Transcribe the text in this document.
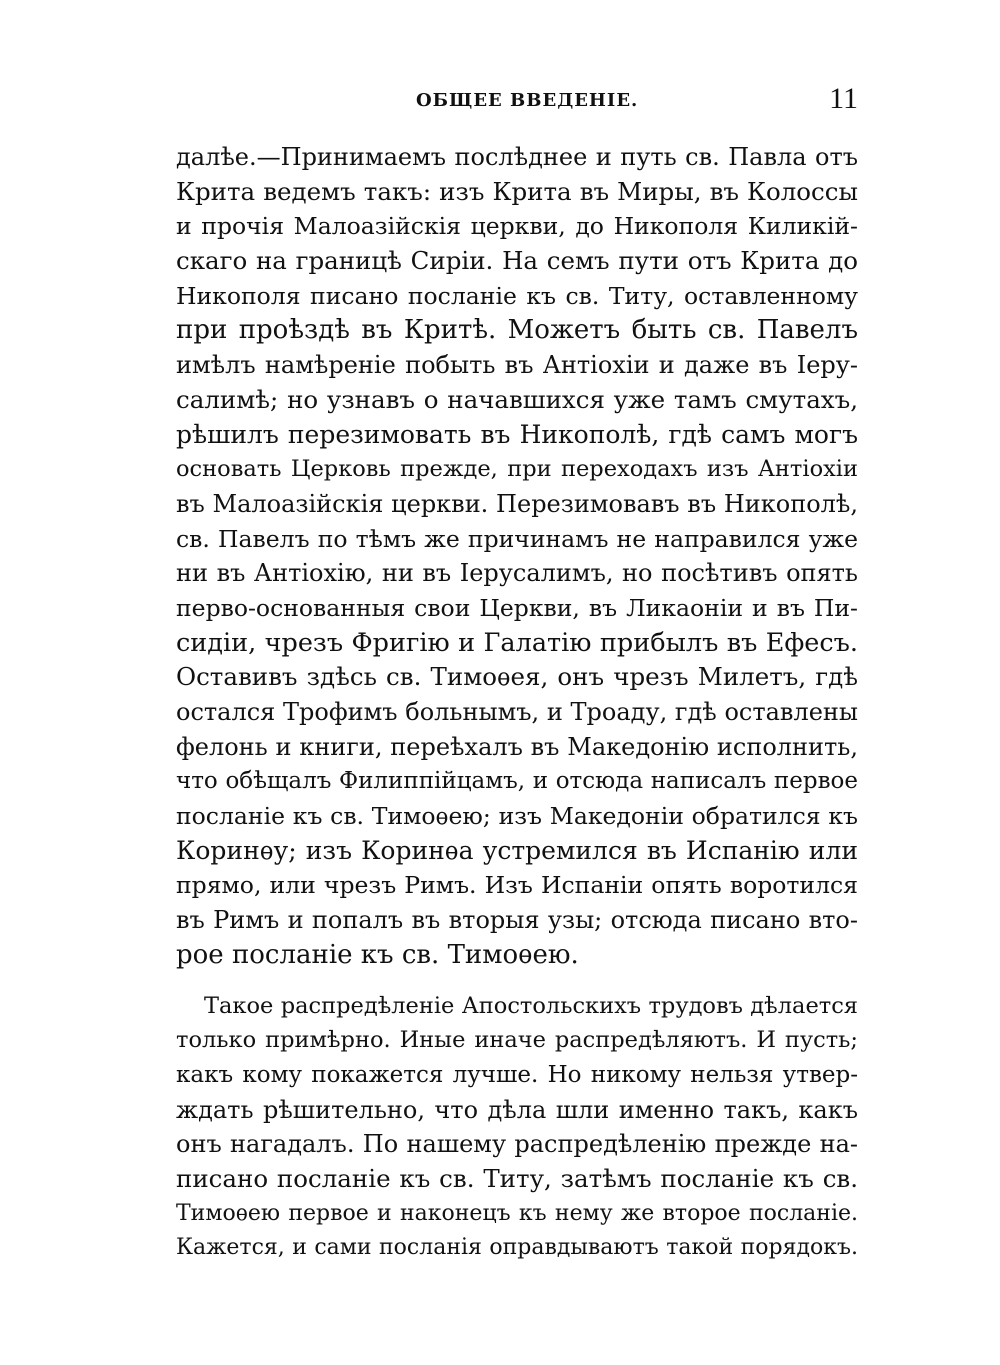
ОБЩЕЕ ВВЕДЕНІЕ.	11
далѣе.—Принимаемъ послѣднее и путь св. Павла отъ
Крита ведемъ такъ: изъ Крита въ Миры, въ Колоссы
и прочія Малоазійскія церкви, до Никополя Киликій-
скаго на границѣ Сиріи. На семъ пути отъ Крита до
Никополя писано посланіе къ св. Титу, оставленному
при проѣздѣ въ Критѣ. Можетъ быть св. Павелъ
имѣлъ намѣреніе побыть въ Антіохіи и даже въ Іеру-
салимѣ; но узнавъ о начавшихся уже тамъ смутахъ,
рѣшилъ перезимовать въ Никополѣ, гдѣ самъ могъ
основать Церковь прежде, при переходахъ изъ Антіохіи
въ Малоазійскія церкви. Перезимовавъ въ Никополѣ,
св. Павелъ по тѣмъ же причинамъ не направился уже
ни въ Антіохію, ни въ Іерусалимъ, но посѣтивъ опять
перво-основанныя свои Церкви, въ Ликаоніи и въ Пи-
сидіи, чрезъ Фригію и Галатію прибылъ въ Ефесъ.
Оставивъ здѣсь св. Тимоѳея, онъ чрезъ Милетъ, гдѣ
остался Трофимъ больнымъ, и Троаду, гдѣ оставлены
фелонь и книги, переѣхалъ въ Македонію исполнить,
что обѣщалъ Филиппійцамъ, и отсюда написалъ первое
посланіе къ св. Тимоѳею; изъ Македоніи обратился къ
Коринѳу; изъ Коринѳа устремился въ Испанію или
прямо, или чрезъ Римъ. Изъ Испаніи опять воротился
въ Римъ и попалъ въ вторыя узы; отсюда писано вто-
рое посланіе къ св. Тимоѳею.
Такое распредѣленіе Апостольскихъ трудовъ дѣлается
только примѣрно. Иные иначе распредѣляютъ. И пусть;
какъ кому покажется лучше. Но никому нельзя утвер-
ждать рѣшительно, что дѣла шли именно такъ, какъ
онъ нагадалъ. По нашему распредѣленію прежде на-
писано посланіе къ св. Титу, затѣмъ посланіе къ св.
Тимоѳею первое и наконецъ къ нему же второе посланіе.
Кажется, и сами посланія оправдываютъ такой порядокъ.
